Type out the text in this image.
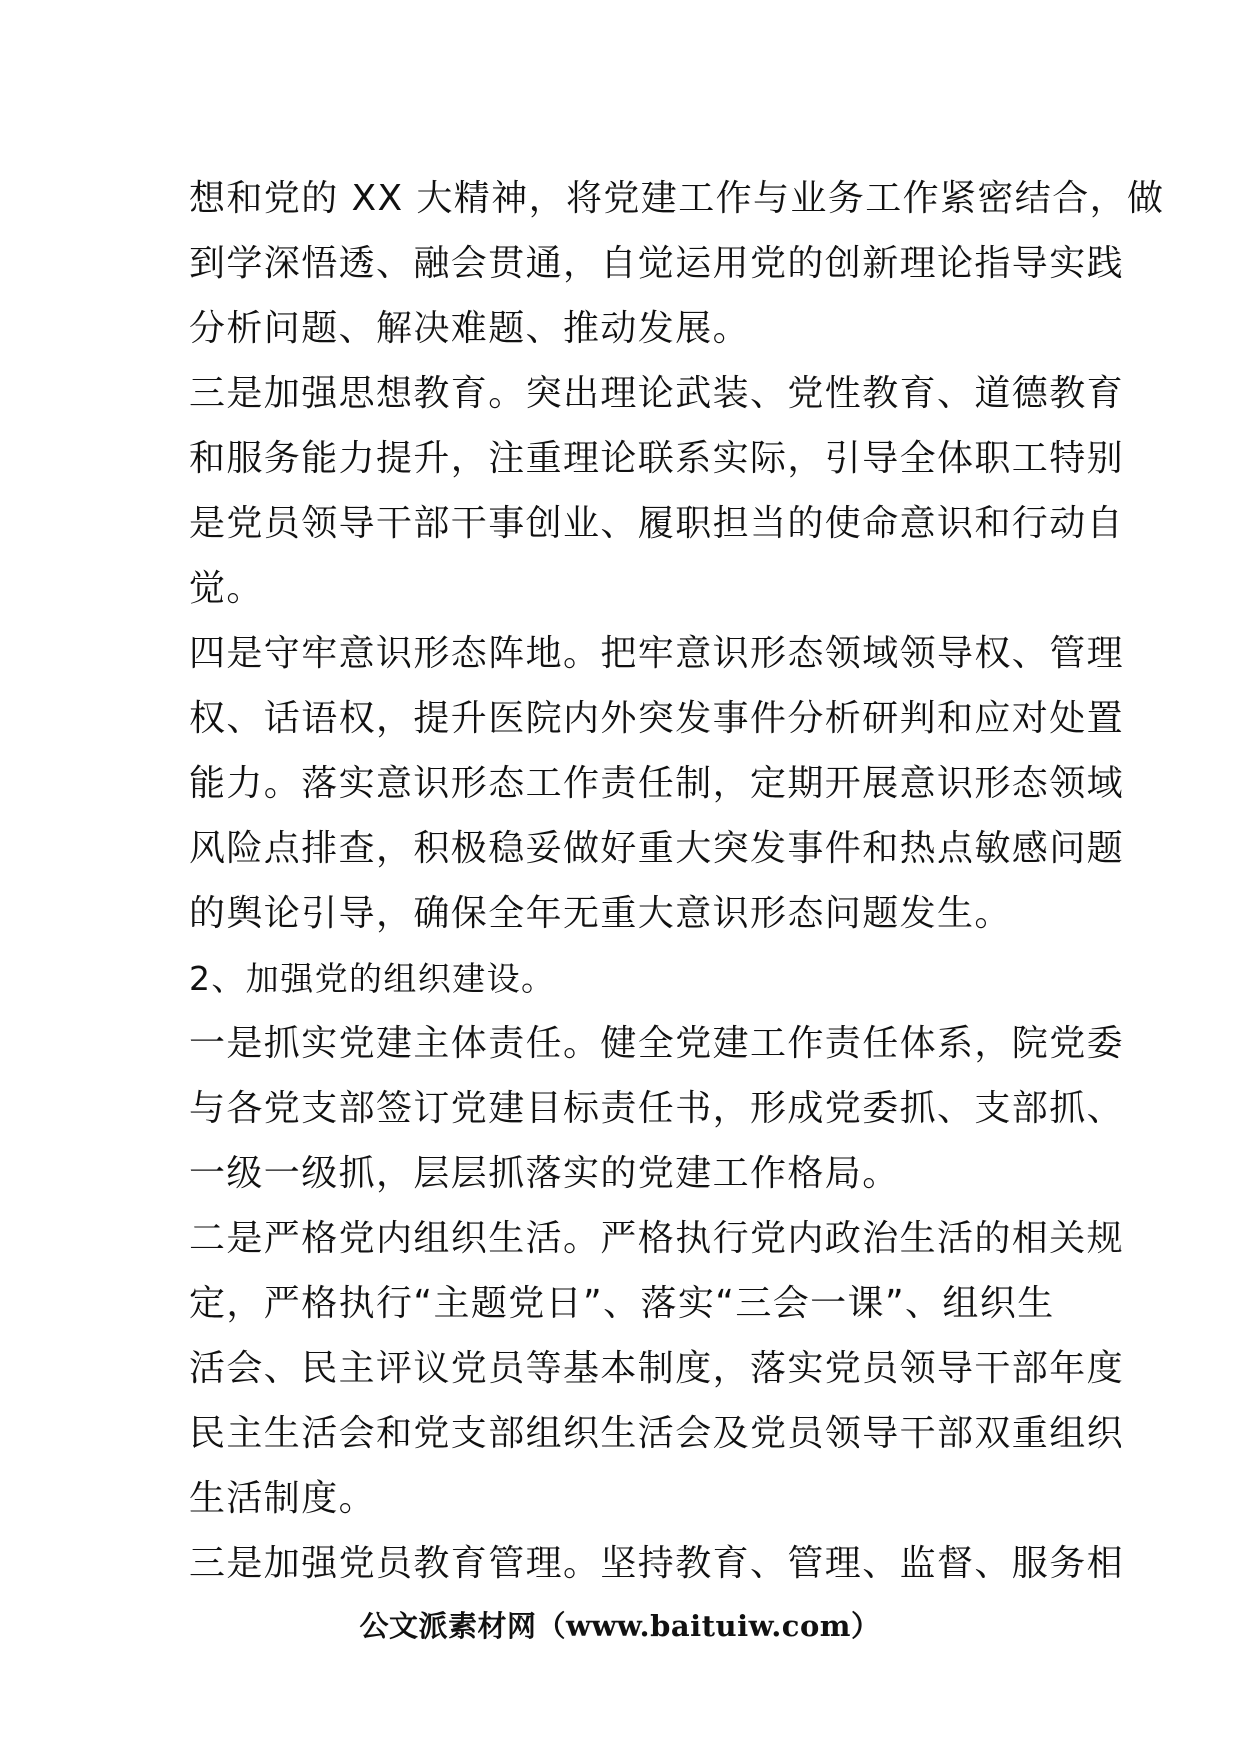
想和党的 XX 大精神，将党建工作与业务工作紧密结合，做
到学深悟透、融会贯通，自觉运用党的创新理论指导实践
分析问题、解决难题、推动发展。
三是加强思想教育。突出理论武装、党性教育、道德教育
和服务能力提升，注重理论联系实际，引导全体职工特别
是党员领导干部干事创业、履职担当的使命意识和行动自
觉。
四是守牢意识形态阵地。把牢意识形态领域领导权、管理
权、话语权，提升医院内外突发事件分析研判和应对处置
能力。落实意识形态工作责任制，定期开展意识形态领域
风险点排查，积极稳妥做好重大突发事件和热点敏感问题
的舆论引导，确保全年无重大意识形态问题发生。
2、加强党的组织建设。
一是抓实党建主体责任。健全党建工作责任体系，院党委
与各党支部签订党建目标责任书，形成党委抓、支部抓、
一级一级抓，层层抓落实的党建工作格局。
二是严格党内组织生活。严格执行党内政治生活的相关规
定，严格执行“主题党日”、落实“三会一课”、组织生
活会、民主评议党员等基本制度，落实党员领导干部年度
民主生活会和党支部组织生活会及党员领导干部双重组织
生活制度。
三是加强党员教育管理。坚持教育、管理、监督、服务相
公文派素材网（www.baituiw.com）
